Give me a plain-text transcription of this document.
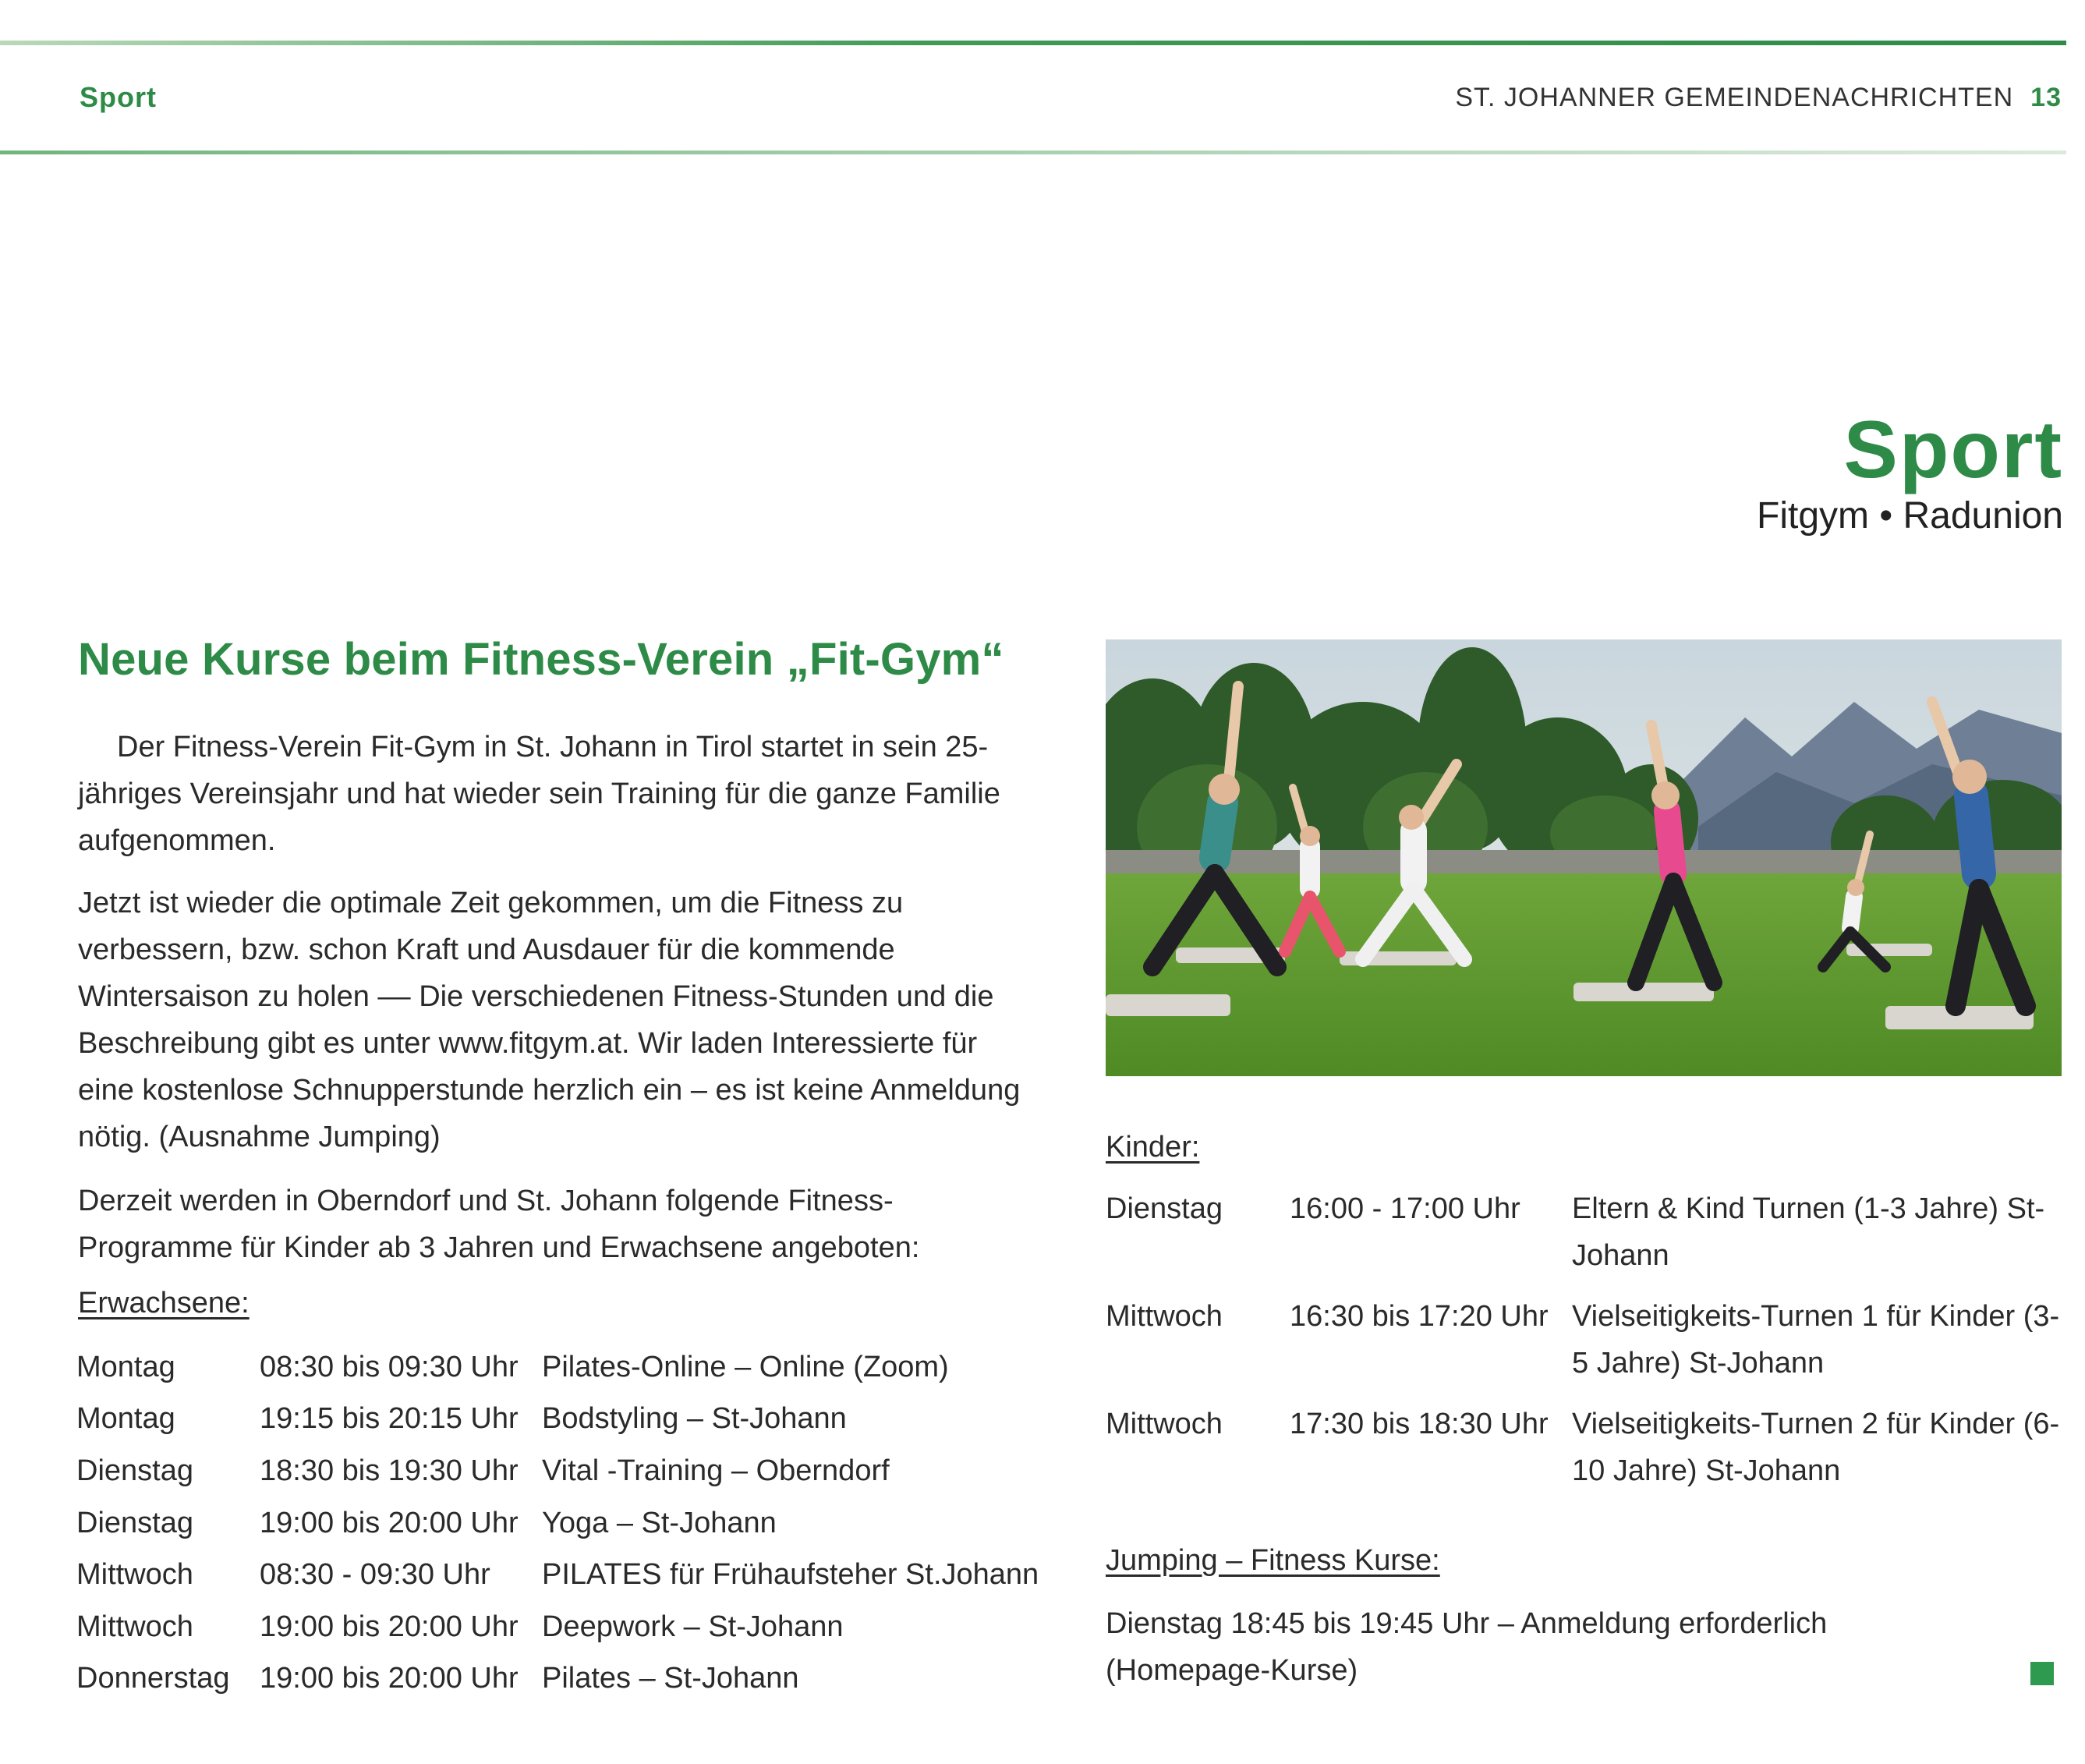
Sport	ST. JOHANNER GEMEINDENACHRICHTEN 13
Sport
Fitgym • Radunion
Neue Kurse beim Fitness-Verein „Fit-Gym“
Der Fitness-Verein Fit-Gym in St. Johann in Tirol startet in sein 25-jähriges Vereinsjahr und hat wieder sein Training für die ganze Familie aufgenommen.
Jetzt ist wieder die optimale Zeit gekommen, um die Fitness zu verbessern, bzw. schon Kraft und Ausdauer für die kommende Wintersaison zu holen –– Die verschiedenen Fitness-Stunden und die Beschreibung gibt es unter www.fitgym.at. Wir laden Interessierte für eine kostenlose Schnupperstunde herzlich ein – es ist keine Anmeldung nötig. (Ausnahme Jumping)
Derzeit werden in Oberndorf und St. Johann folgende Fitness-Programme für Kinder ab 3 Jahren und Erwachsene angeboten:
Erwachsene:
Montag	08:30 bis 09:30 Uhr Pilates-Online – Online (Zoom)
Montag	19:15 bis 20:15 Uhr Bodstyling – St-Johann
Dienstag	18:30 bis 19:30 Uhr Vital -Training – Oberndorf
Dienstag	19:00 bis 20:00 Uhr Yoga – St-Johann
Mittwoch	08:30 - 09:30 Uhr	PILATES für Frühaufsteher St.Johann
Mittwoch	19:00 bis 20:00 Uhr Deepwork – St-Johann
Donnerstag	19:00 bis 20:00 Uhr Pilates – St-Johann
Kinder:
Dienstag	16:00 - 17:00 Uhr	Eltern & Kind Turnen (1-3 Jahre) St-Johann
Mittwoch	16:30 bis 17:20 Uhr Vielseitigkeits-Turnen 1 für Kinder (3-5 Jahre) St-Johann
Mittwoch	17:30 bis 18:30 Uhr Vielseitigkeits-Turnen 2 für Kinder (6-10 Jahre) St-Johann
Jumping – Fitness Kurse:
Dienstag 18:45 bis 19:45 Uhr – Anmeldung erforderlich (Homepage-Kurse)
